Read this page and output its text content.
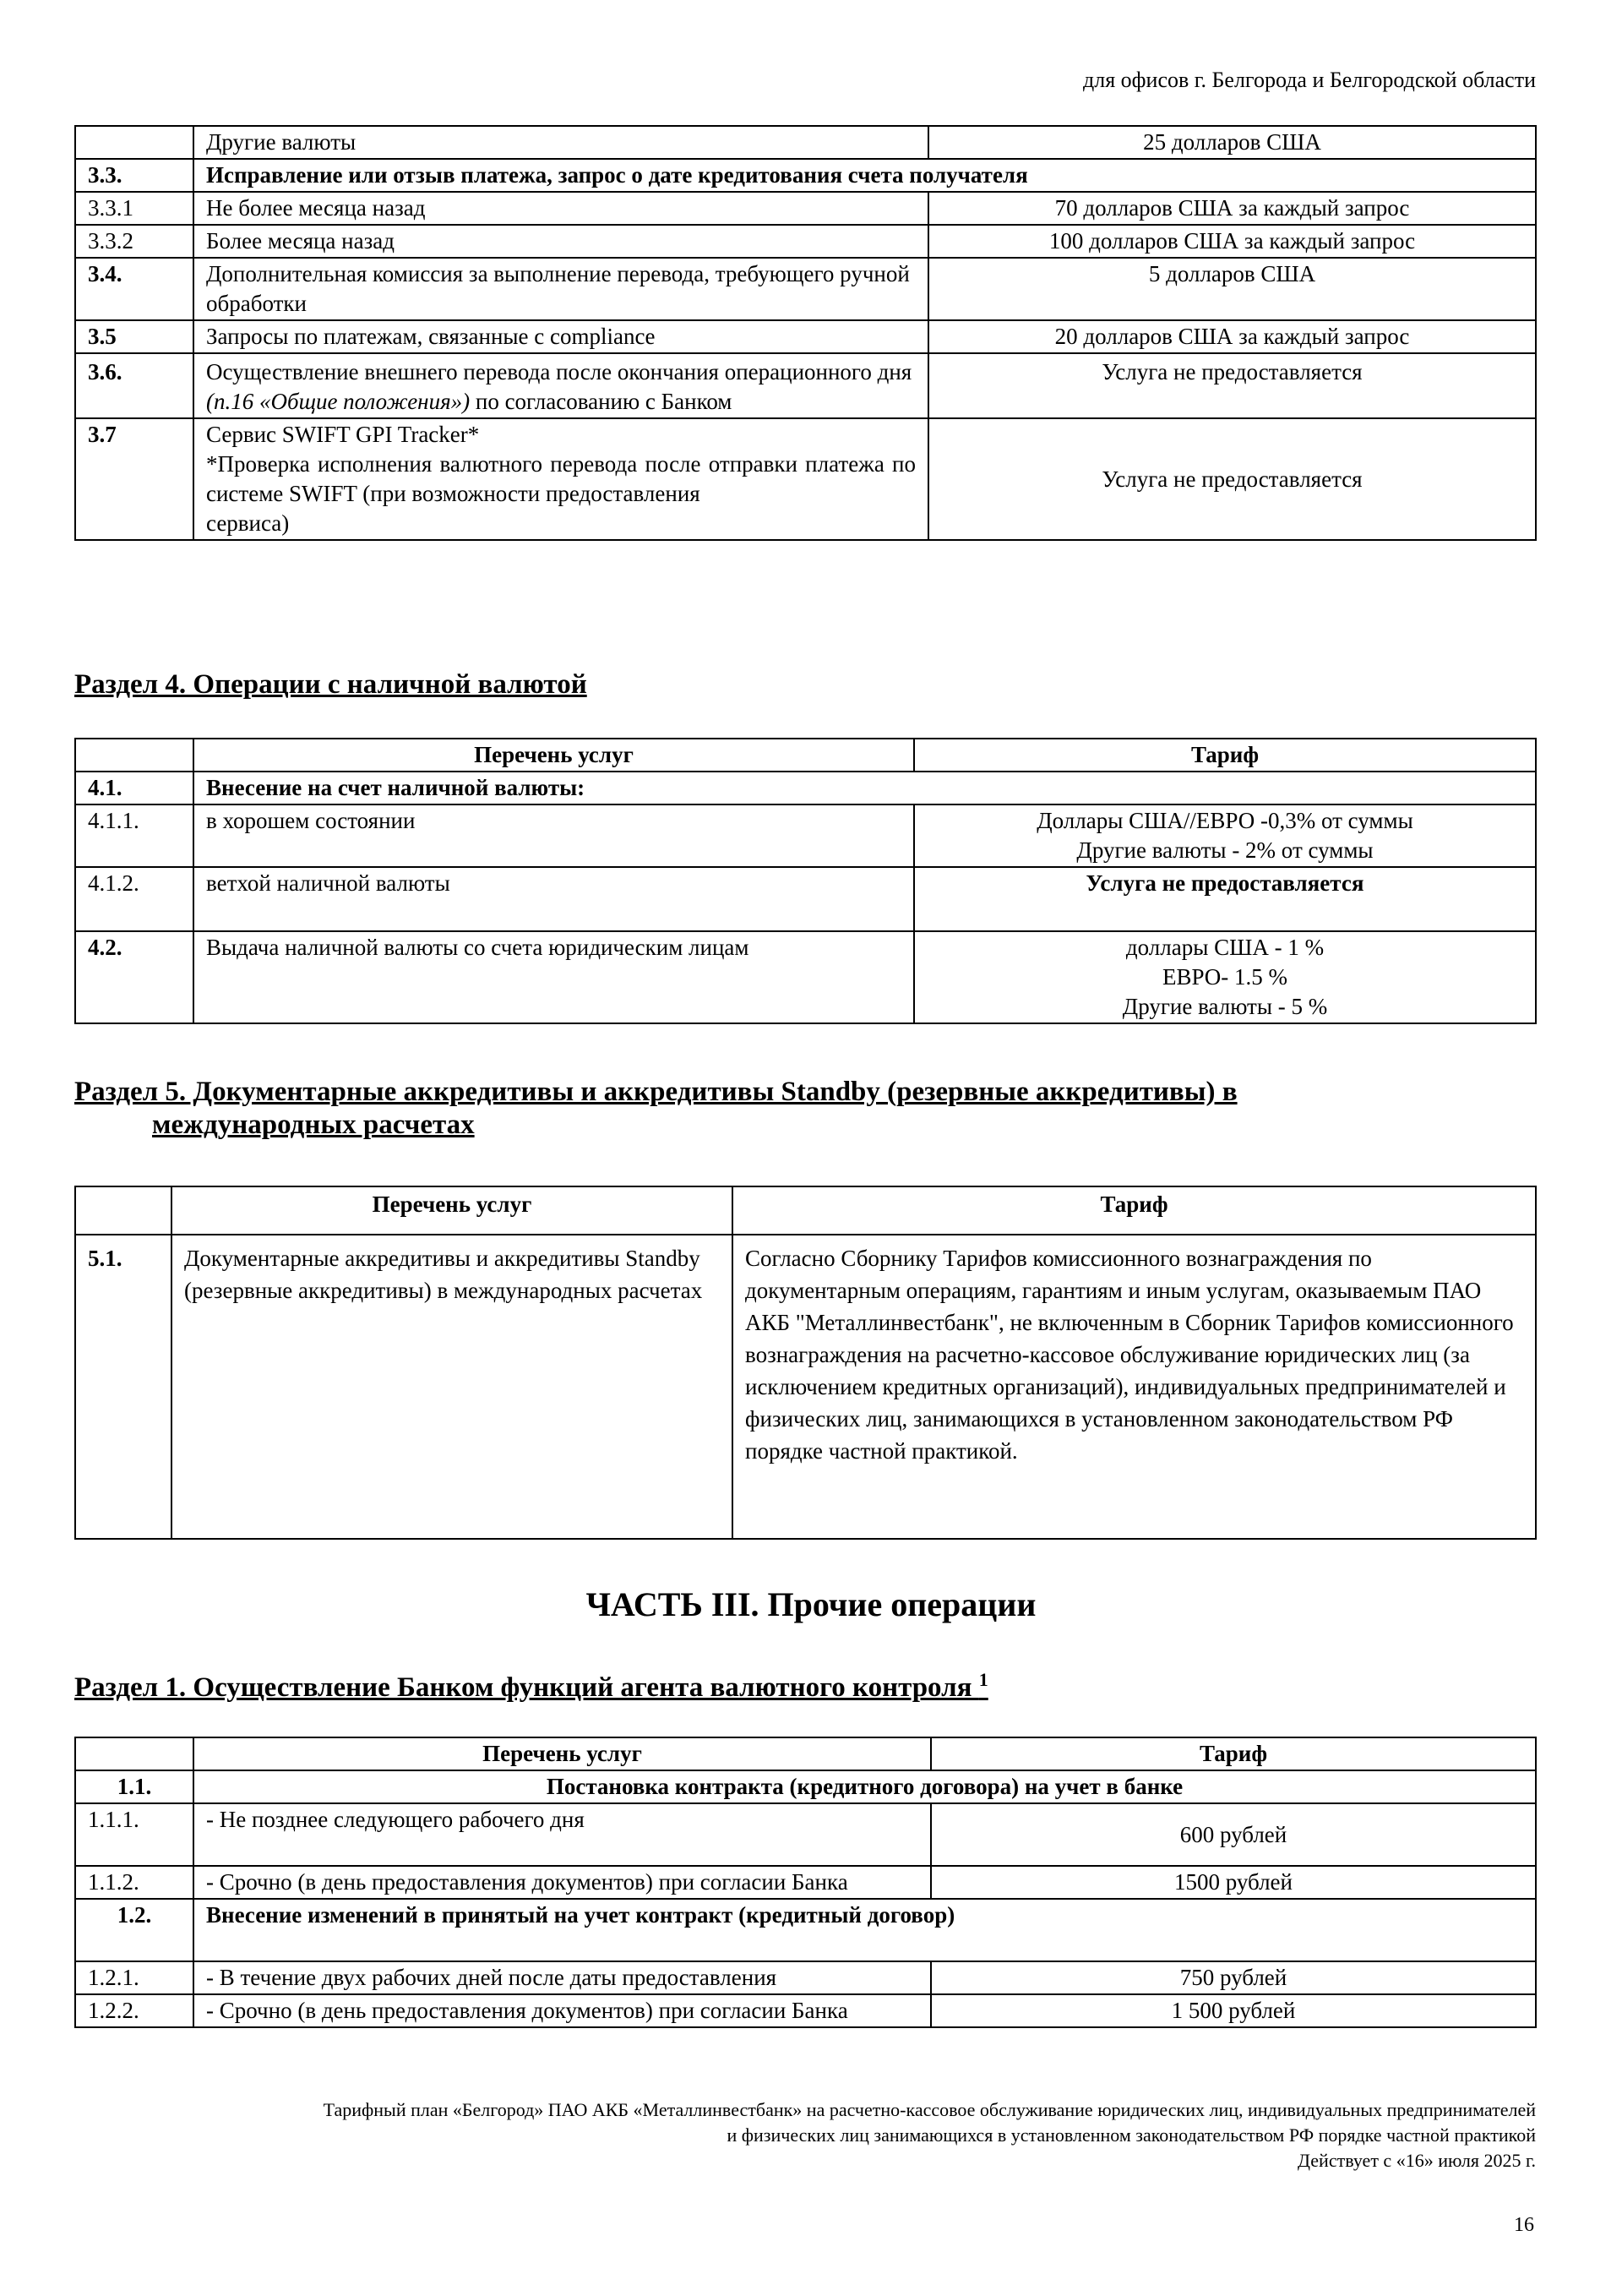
для офисов г. Белгорода и Белгородской области
	Другие валюты	25 долларов США
3.3.	Исправление или отзыв платежа, запрос о дате кредитования счета получателя	
3.3.1	Не более месяца назад	70 долларов США за каждый запрос
3.3.2	Более месяца назад	100 долларов США за каждый запрос
3.4.	Дополнительная комиссия за выполнение перевода, требующего ручной обработки	5 долларов США
3.5	Запросы по платежам, связанные с compliance	20 долларов США за каждый запрос
3.6.	Осуществление внешнего перевода после окончания операционного дня (п.16 «Общие положения») по согласованию с Банком	Услуга не предоставляется
3.7	Сервис SWIFT GPI Tracker*
*Проверка исполнения валютного перевода после отправки платежа по системе SWIFT (при возможности предоставления
сервиса)	Услуга не предоставляется
Раздел 4. Операции с наличной валютой
	Перечень услуг	Тариф
4.1.	Внесение на счет наличной валюты:	
4.1.1.	в хорошем состоянии	Доллары США//ЕВРО -0,3% от суммы
Другие валюты - 2% от суммы

4.1.2.	ветхой наличной валюты	Услуга не предоставляется
4.2.	Выдача наличной валюты со счета юридическим лицам	доллары США - 1 %
ЕВРО- 1.5 %
Другие валюты - 5 %
Раздел 5. Документарные аккредитивы и аккредитивы Standby (резервные аккредитивы) в
международных расчетах
	Перечень услуг	Тариф
5.1.	Документарные аккредитивы и аккредитивы Standby (резервные аккредитивы) в международных расчетах	Согласно Сборнику Тарифов комиссионного вознаграждения по документарным операциям, гарантиям и иным услугам, оказываемым ПАО АКБ "Металлинвестбанк", не включенным в Сборник Тарифов комиссионного вознаграждения на расчетно-кассовое обслуживание юридических лиц (за исключением кредитных организаций), индивидуальных предпринимателей и физических лиц, занимающихся в установленном законодательством РФ порядке частной практикой.
ЧАСТЬ III. Прочие операции
Раздел 1. Осуществление Банком функций агента валютного контроля $^1$
	Перечень услуг	Тариф
1.1.	Постановка контракта (кредитного договора) на учет в банке	
1.1.1.	- Не позднее следующего рабочего дня	600 рублей
1.1.2.	- Срочно (в день предоставления документов) при согласии Банка	1500 рублей
1.2.	Внесение изменений в принятый на учет контракт (кредитный договор)	
1.2.1.	- В течение двух рабочих дней после даты предоставления	750 рублей
1.2.2.	- Срочно (в день предоставления документов) при согласии Банка	1 500 рублей
Тарифный план «Белгород» ПАО АКБ «Металлинвестбанк» на расчетно-кассовое обслуживание юридических лиц, индивидуальных предпринимателей
и физических лиц занимающихся в установленном законодательством РФ порядке частной практикой
Действует с «16» июля 2025 г.
16
